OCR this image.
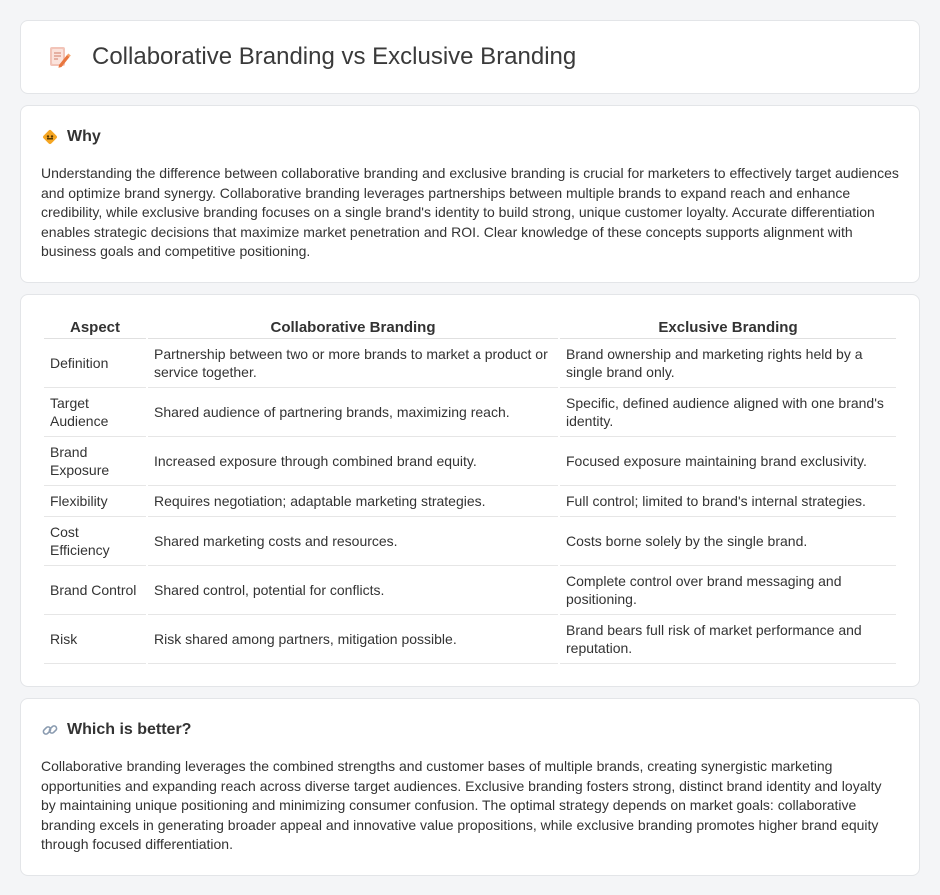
Collaborative Branding vs Exclusive Branding
Why

Understanding the difference between collaborative branding and exclusive branding is crucial for marketers to effectively target audiences and optimize brand synergy. Collaborative branding leverages partnerships between multiple brands to expand reach and enhance credibility, while exclusive branding focuses on a single brand's identity to build strong, unique customer loyalty. Accurate differentiation enables strategic decisions that maximize market penetration and ROI. Clear knowledge of these concepts supports alignment with business goals and competitive positioning.

Aspect	Collaborative Branding	Exclusive Branding
Definition	Partnership between two or more brands to market a product or service together.	Brand ownership and marketing rights held by a single brand only.
Target Audience	Shared audience of partnering brands, maximizing reach.	Specific, defined audience aligned with one brand's identity.
Brand Exposure	Increased exposure through combined brand equity.	Focused exposure maintaining brand exclusivity.
Flexibility	Requires negotiation; adaptable marketing strategies.	Full control; limited to brand's internal strategies.
Cost Efficiency	Shared marketing costs and resources.	Costs borne solely by the single brand.
Brand Control	Shared control, potential for conflicts.	Complete control over brand messaging and positioning.
Risk	Risk shared among partners, mitigation possible.	Brand bears full risk of market performance and reputation.
Which is better?

Collaborative branding leverages the combined strengths and customer bases of multiple brands, creating synergistic marketing opportunities and expanding reach across diverse target audiences. Exclusive branding fosters strong, distinct brand identity and loyalty by maintaining unique positioning and minimizing consumer confusion. The optimal strategy depends on market goals: collaborative branding excels in generating broader appeal and innovative value propositions, while exclusive branding promotes higher brand equity through focused differentiation.
